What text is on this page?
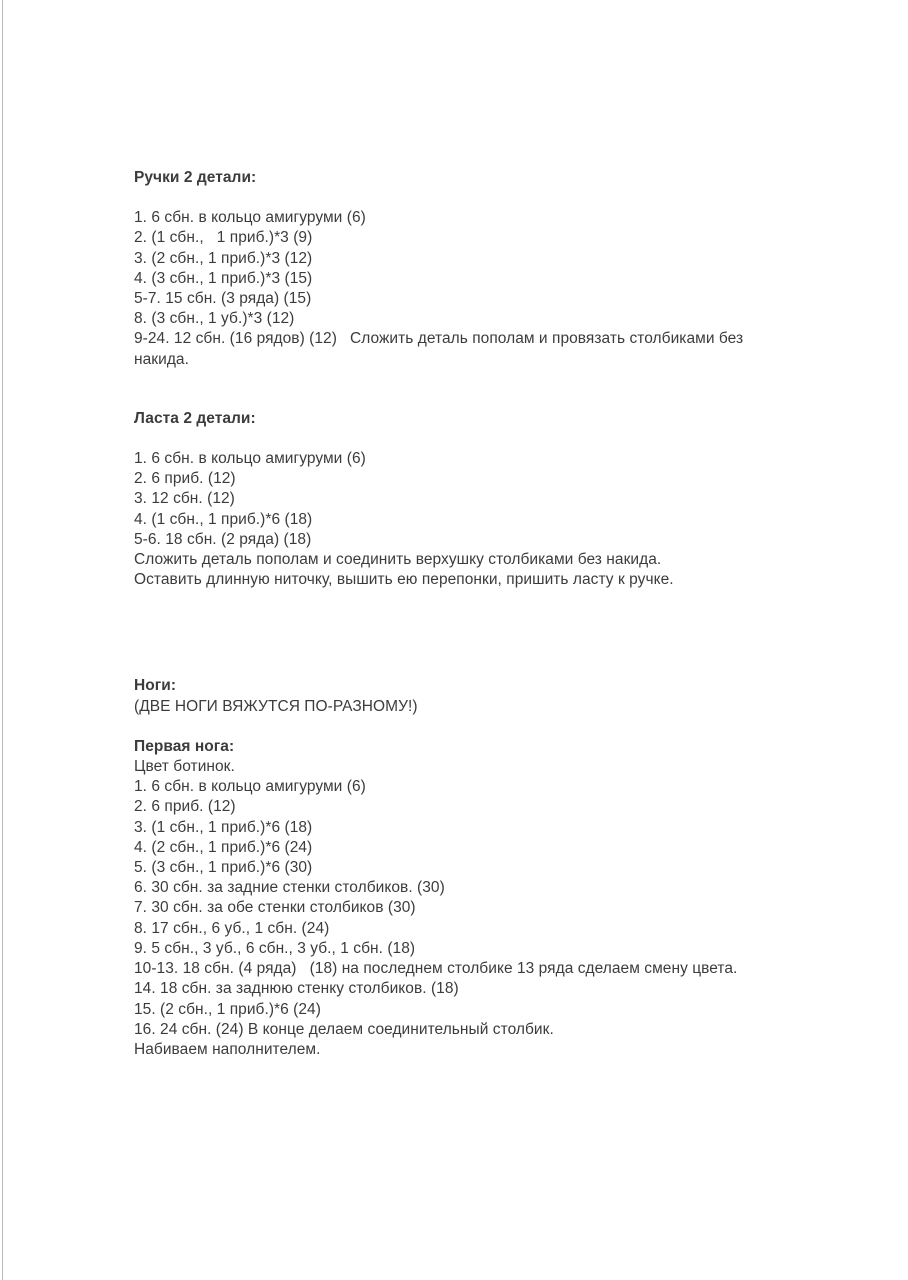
Ручки 2 детали:
1. 6 сбн. в кольцо амигуруми (6)
2. (1 сбн.,   1 приб.)*3 (9)
3. (2 сбн., 1 приб.)*3 (12)
4. (3 сбн., 1 приб.)*3 (15)
5-7. 15 сбн. (3 ряда) (15)
8. (3 сбн., 1 уб.)*3 (12)
9-24. 12 сбн. (16 рядов) (12)   Сложить деталь пополам и провязать столбиками без накида.
Ласта 2 детали:
1. 6 сбн. в кольцо амигуруми (6)
2. 6 приб. (12)
3. 12 сбн. (12)
4. (1 сбн., 1 приб.)*6 (18)
5-6. 18 сбн. (2 ряда) (18)
Сложить деталь пополам и соединить верхушку столбиками без накида.
Оставить длинную ниточку, вышить ею перепонки, пришить ласту к ручке.
Ноги:
(ДВЕ НОГИ ВЯЖУТСЯ ПО-РАЗНОМУ!)
Первая нога:
Цвет ботинок.
1. 6 сбн. в кольцо амигуруми (6)
2. 6 приб. (12)
3. (1 сбн., 1 приб.)*6 (18)
4. (2 сбн., 1 приб.)*6 (24)
5. (3 сбн., 1 приб.)*6 (30)
6. 30 сбн. за задние стенки столбиков. (30)
7. 30 сбн. за обе стенки столбиков (30)
8. 17 сбн., 6 уб., 1 сбн. (24)
9. 5 сбн., 3 уб., 6 сбн., 3 уб., 1 сбн. (18)
10-13. 18 сбн. (4 ряда)   (18) на последнем столбике 13 ряда сделаем смену цвета.
14. 18 сбн. за заднюю стенку столбиков. (18)
15. (2 сбн., 1 приб.)*6 (24)
16. 24 сбн. (24) В конце делаем соединительный столбик.
Набиваем наполнителем.
